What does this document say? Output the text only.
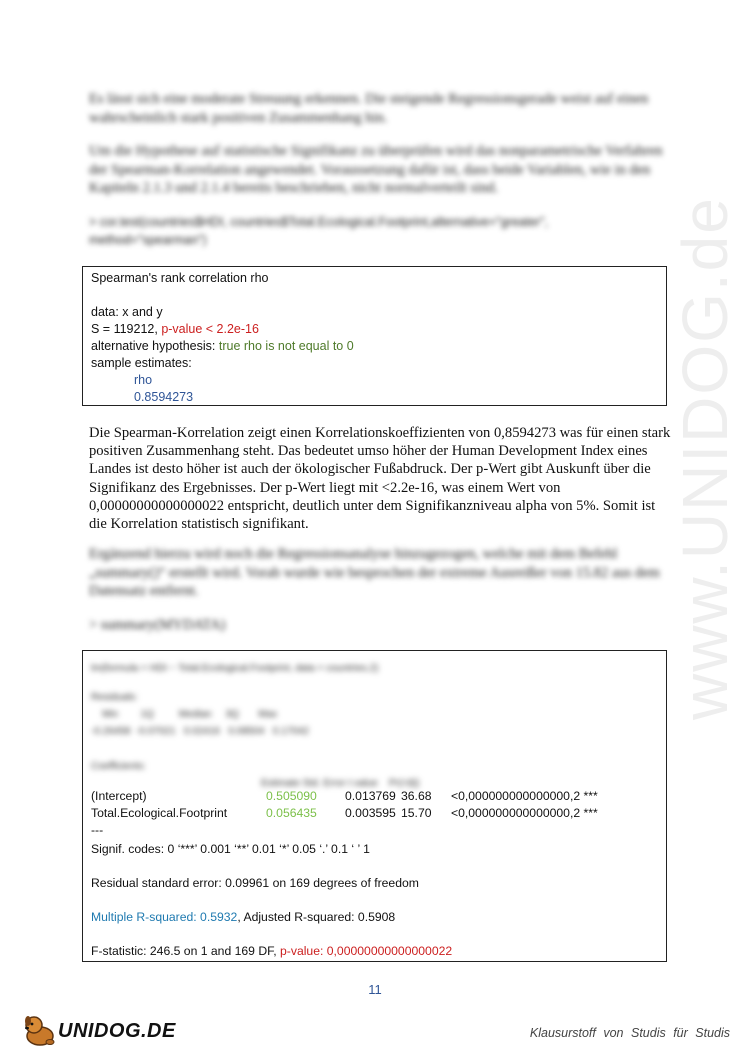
www.UNIDOG.de

Es lässt sich eine moderate Streuung erkennen. Die steigende Regressionsgerade weist auf einen wahrscheinlich stark positiven Zusammenhang hin.

Um die Hypothese auf statistische Signifikanz zu überprüfen wird das nonparametrische Verfahren der Spearman-Korrelation angewendet. Voraussetzung dafür ist, dass beide Variablen, wie in den Kapiteln 2.1.3 und 2.1.4 bereits beschrieben, nicht normalverteilt sind.

> cor.test(countries$HDI, countries$Total.Ecological.Footprint,alternative="greater",
method="spearman")
Spearman's rank correlation rho
data: x and y
S = 119212, p-value < 2.2e-16
alternative hypothesis: true rho is not equal to 0
sample estimates:
rho
0.8594273

Die Spearman-Korrelation zeigt einen Korrelationskoeffizienten von 0,8594273 was für einen stark positiven Zusammenhang steht. Das bedeutet umso höher der Human Development Index eines Landes ist desto höher ist auch der ökologischer Fußabdruck. Der p-Wert gibt Auskunft über die Signifikanz des Ergebnisses. Der p-Wert liegt mit <2.2e-16, was einem Wert von 0,00000000000000022 entspricht, deutlich unter dem Signifikanzniveau alpha von 5%. Somit ist die Korrelation statistisch signifikant.

Ergänzend hierzu wird noch die Regressionsanalyse hinzugezogen, welche mit dem Befehl „summary()“ erstellt wird. Vorab wurde wie besprochen der extreme Ausreißer von 15.82 aus dem Datensatz entfernt.

> summary(MYDATA)
lm(formula = HDI ~ Total.Ecological.Footprint, data = countries.2)
Residuals:
Min        1Q         Median     3Q       Max
-0.26458  -0.07021   0.02416   0.08504   0.17042
Coefficients:
Estimate Std. Error t value    Pr(>|t|)
(Intercept)	0.505090 0.013769 36.68 <0,000000000000000,2 ***
Total.Ecological.Footprint	0.056435 0.003595 15.70 <0,000000000000000,2 ***
---
Signif. codes: 0 ‘***’ 0.001 ‘**’ 0.01 ‘*’ 0.05 ‘.’ 0.1 ‘ ’ 1
Residual standard error: 0.09961 on 169 degrees of freedom
Multiple R-squared: 0.5932, Adjusted R-squared: 0.5908
F-statistic: 246.5 on 1 and 169 DF, p-value: 0,00000000000000022
11
UNIDOG.DE	Klausurstoff von Studis für Studis
